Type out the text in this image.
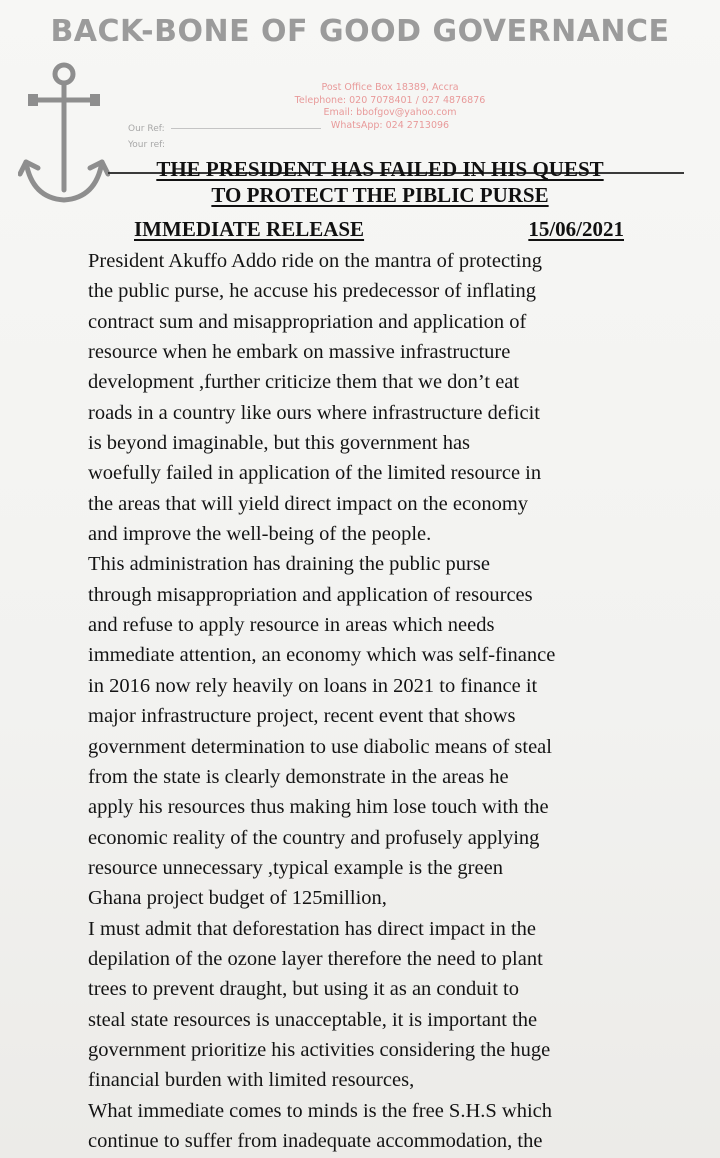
BACK-BONE OF GOOD GOVERNANCE
Post Office Box 18389, Accra
Telephone: 020 7078401 / 027 4876876
Email: bbofgov@yahoo.com
WhatsApp: 024 2713096
Our Ref:
Your ref:
THE PRESIDENT HAS FAILED IN HIS QUEST
TO PROTECT THE PIBLIC PURSE
IMMEDIATE RELEASE	15/06/2021
President Akuffo Addo ride on the mantra of protecting
the public purse, he accuse his predecessor of inflating
contract sum and misappropriation and application of
resource when he embark on massive infrastructure
development ,further criticize them that we don’t eat
roads in a country like ours where infrastructure deficit
is beyond imaginable, but this government has
woefully failed in application of the limited resource in
the areas that will yield direct impact on the economy
and improve the well-being of the people.
This administration has draining the public purse
through misappropriation and application of resources
and refuse to apply resource in areas which needs
immediate attention, an economy which was self-finance
in 2016 now rely heavily on loans in 2021 to finance it
major infrastructure project, recent event that shows
government determination to use diabolic means of steal
from the state is clearly demonstrate in the areas he
apply his resources thus making him lose touch with the
economic reality of the country and profusely applying
resource unnecessary ,typical example is the green
Ghana project budget of 125million,
I must admit that deforestation has direct impact in the
depilation of the ozone layer therefore the need to plant
trees to prevent draught, but using it as an conduit to
steal state resources is unacceptable, it is important the
government prioritize his activities considering the huge
financial burden with limited resources,
What immediate comes to minds is the free S.H.S which
continue to suffer from inadequate accommodation, the
